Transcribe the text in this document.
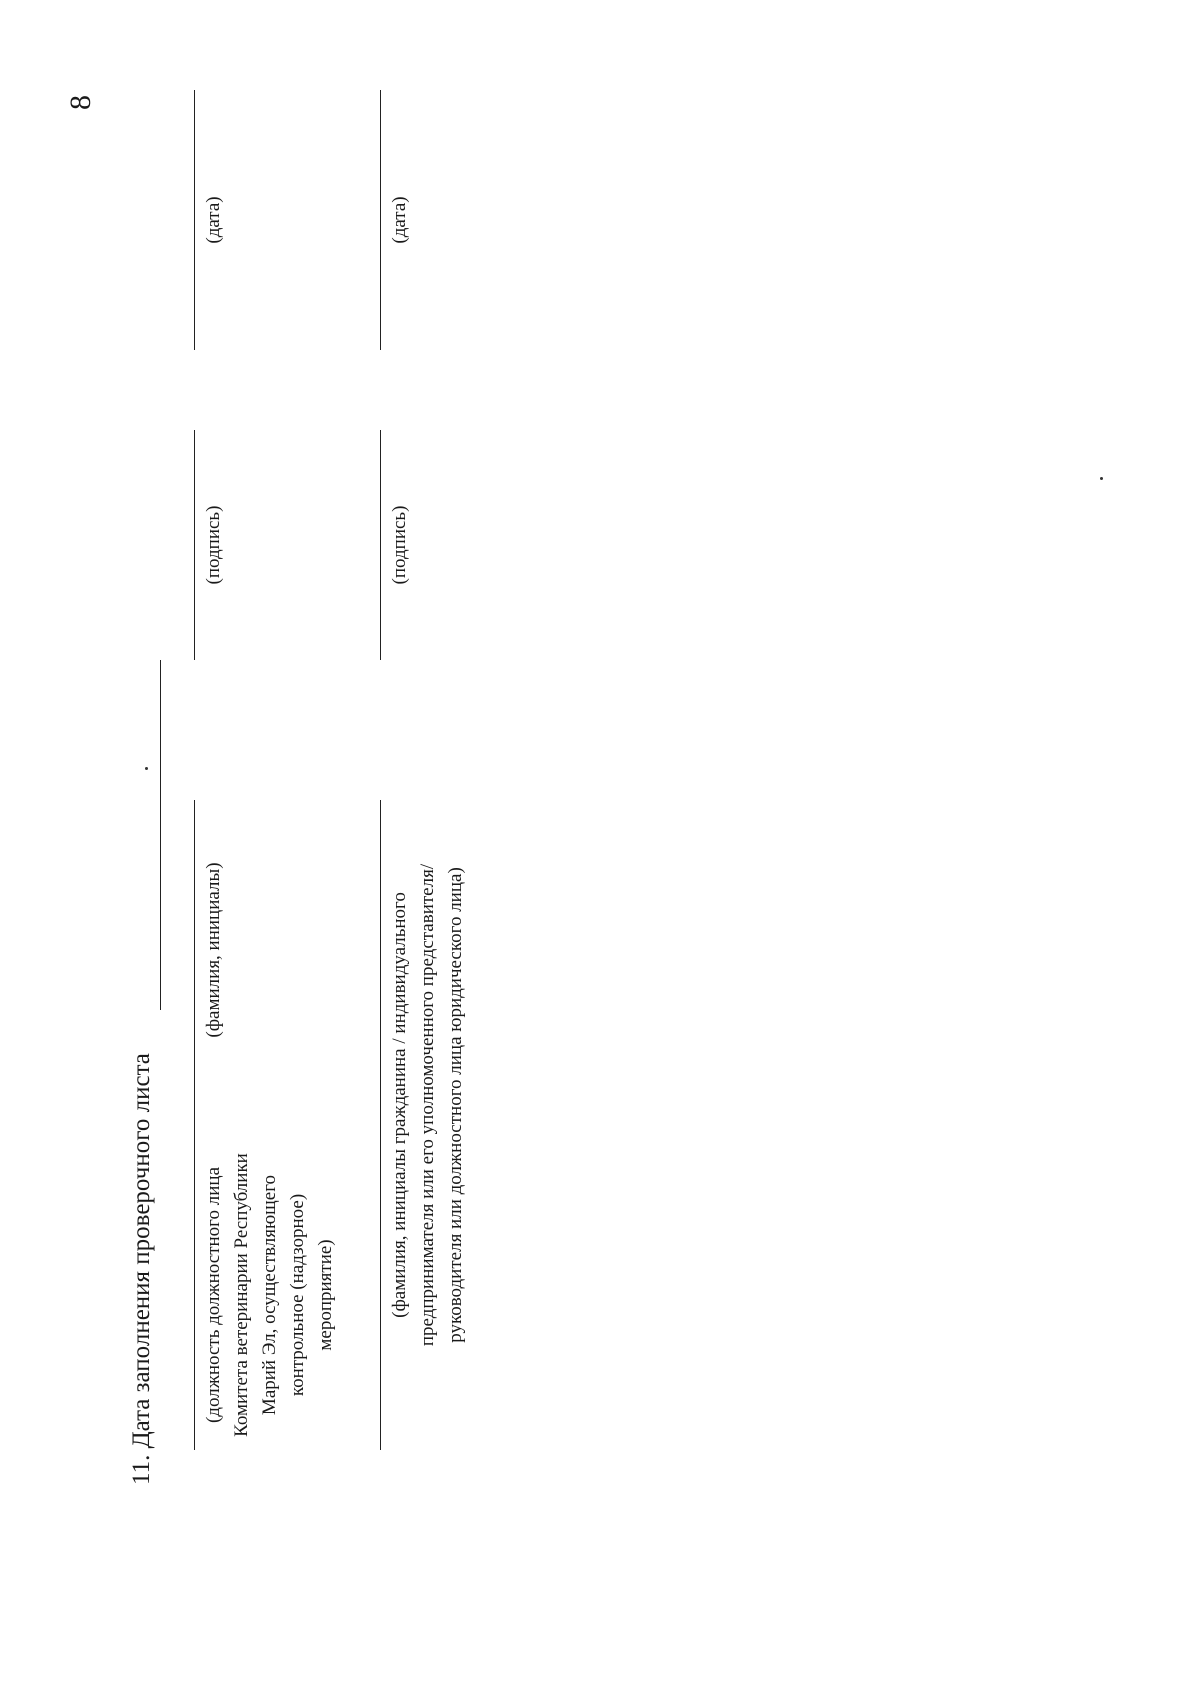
8
11. Дата заполнения проверочного листа	(должность должностного лица Комитета ветеринарии Республики Марий Эл, осуществляющего контрольное (надзорное) мероприятие)
(фамилия, инициалы)
(подпись)
(дата)
(фамилия, инициалы гражданина / индивидуального предпринимателя или его уполномоченного представителя/ руководителя или должностного лица юридического лица)
(подпись)
(дата)
